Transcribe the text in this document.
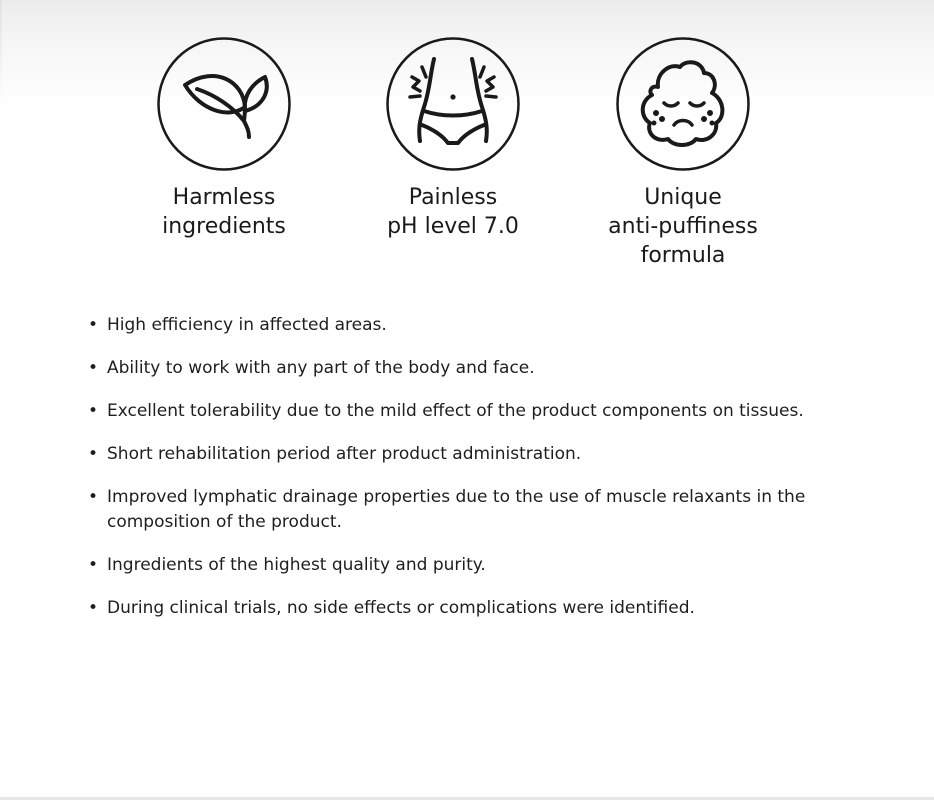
Harmless
ingredients
Painless
pH level 7.0
Unique
anti-puffiness
formula
• High efficiency in affected areas.
• Ability to work with any part of the body and face.
• Excellent tolerability due to the mild effect of the product components on tissues.
• Short rehabilitation period after product administration.
• Improved lymphatic drainage properties due to the use of muscle relaxants in the composition of the product.
• Ingredients of the highest quality and purity.
• During clinical trials, no side effects or complications were identified.
